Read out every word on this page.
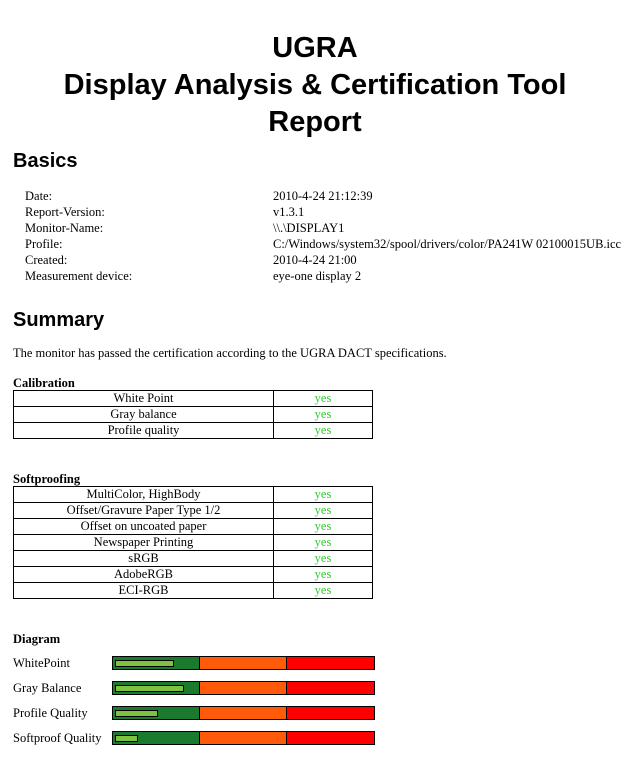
UGRA
Display Analysis & Certification Tool
Report
Basics
Date:	2010-4-24 21:12:39
Report-Version:	v1.3.1
Monitor-Name:	\\.\DISPLAY1
Profile:	C:/Windows/system32/spool/drivers/color/PA241W 02100015UB.icc
Created:	2010-4-24 21:00
Measurement device:	eye-one display 2
Summary
The monitor has passed the certification according to the UGRA DACT specifications.
Calibration
White Point	yes
Gray balance	yes
Profile quality	yes
Softproofing
MultiColor, HighBody	yes
Offset/Gravure Paper Type 1/2	yes
Offset on uncoated paper	yes
Newspaper Printing	yes
sRGB	yes
AdobeRGB	yes
ECI-RGB	yes
Diagram
WhitePoint
Gray Balance
Profile Quality
Softproof Quality
